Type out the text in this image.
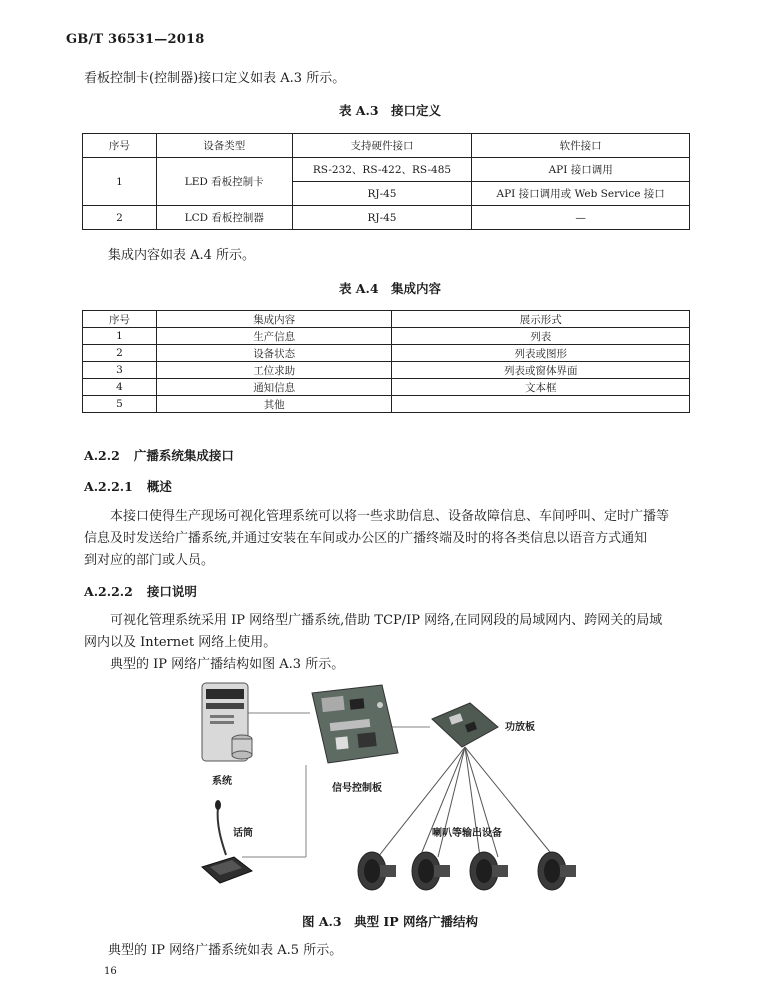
GB/T 36531—2018
看板控制卡(控制器)接口定义如表 A.3 所示。
表 A.3　接口定义
序号	设备类型	支持硬件接口	软件接口
1	LED 看板控制卡	RS-232、RS-422、RS-485	API 接口调用
		RJ-45	API 接口调用或 Web Service 接口
2	LCD 看板控制器	RJ-45	—
集成内容如表 A.4 所示。
表 A.4　集成内容
序号	集成内容	展示形式
1	生产信息	列表
2	设备状态	列表或图形
3	工位求助	列表或窗体界面
4	通知信息	文本框
5	其他	
A.2.2 广播系统集成接口
A.2.2.1 概述
本接口使得生产现场可视化管理系统可以将一些求助信息、设备故障信息、车间呼叫、定时广播等
信息及时发送给广播系统,并通过安装在车间或办公区的广播终端及时的将各类信息以语音方式通知
到对应的部门或人员。
A.2.2.2 接口说明
可视化管理系统采用 IP 网络型广播系统,借助 TCP/IP 网络,在同网段的局域网内、跨网关的局域
网内以及 Internet 网络上使用。
典型的 IP 网络广播结构如图 A.3 所示。
系统
信号控制板
功放板
话筒	喇叭等输出设备
图 A.3　典型 IP 网络广播结构
典型的 IP 网络广播系统如表 A.5 所示。
16
